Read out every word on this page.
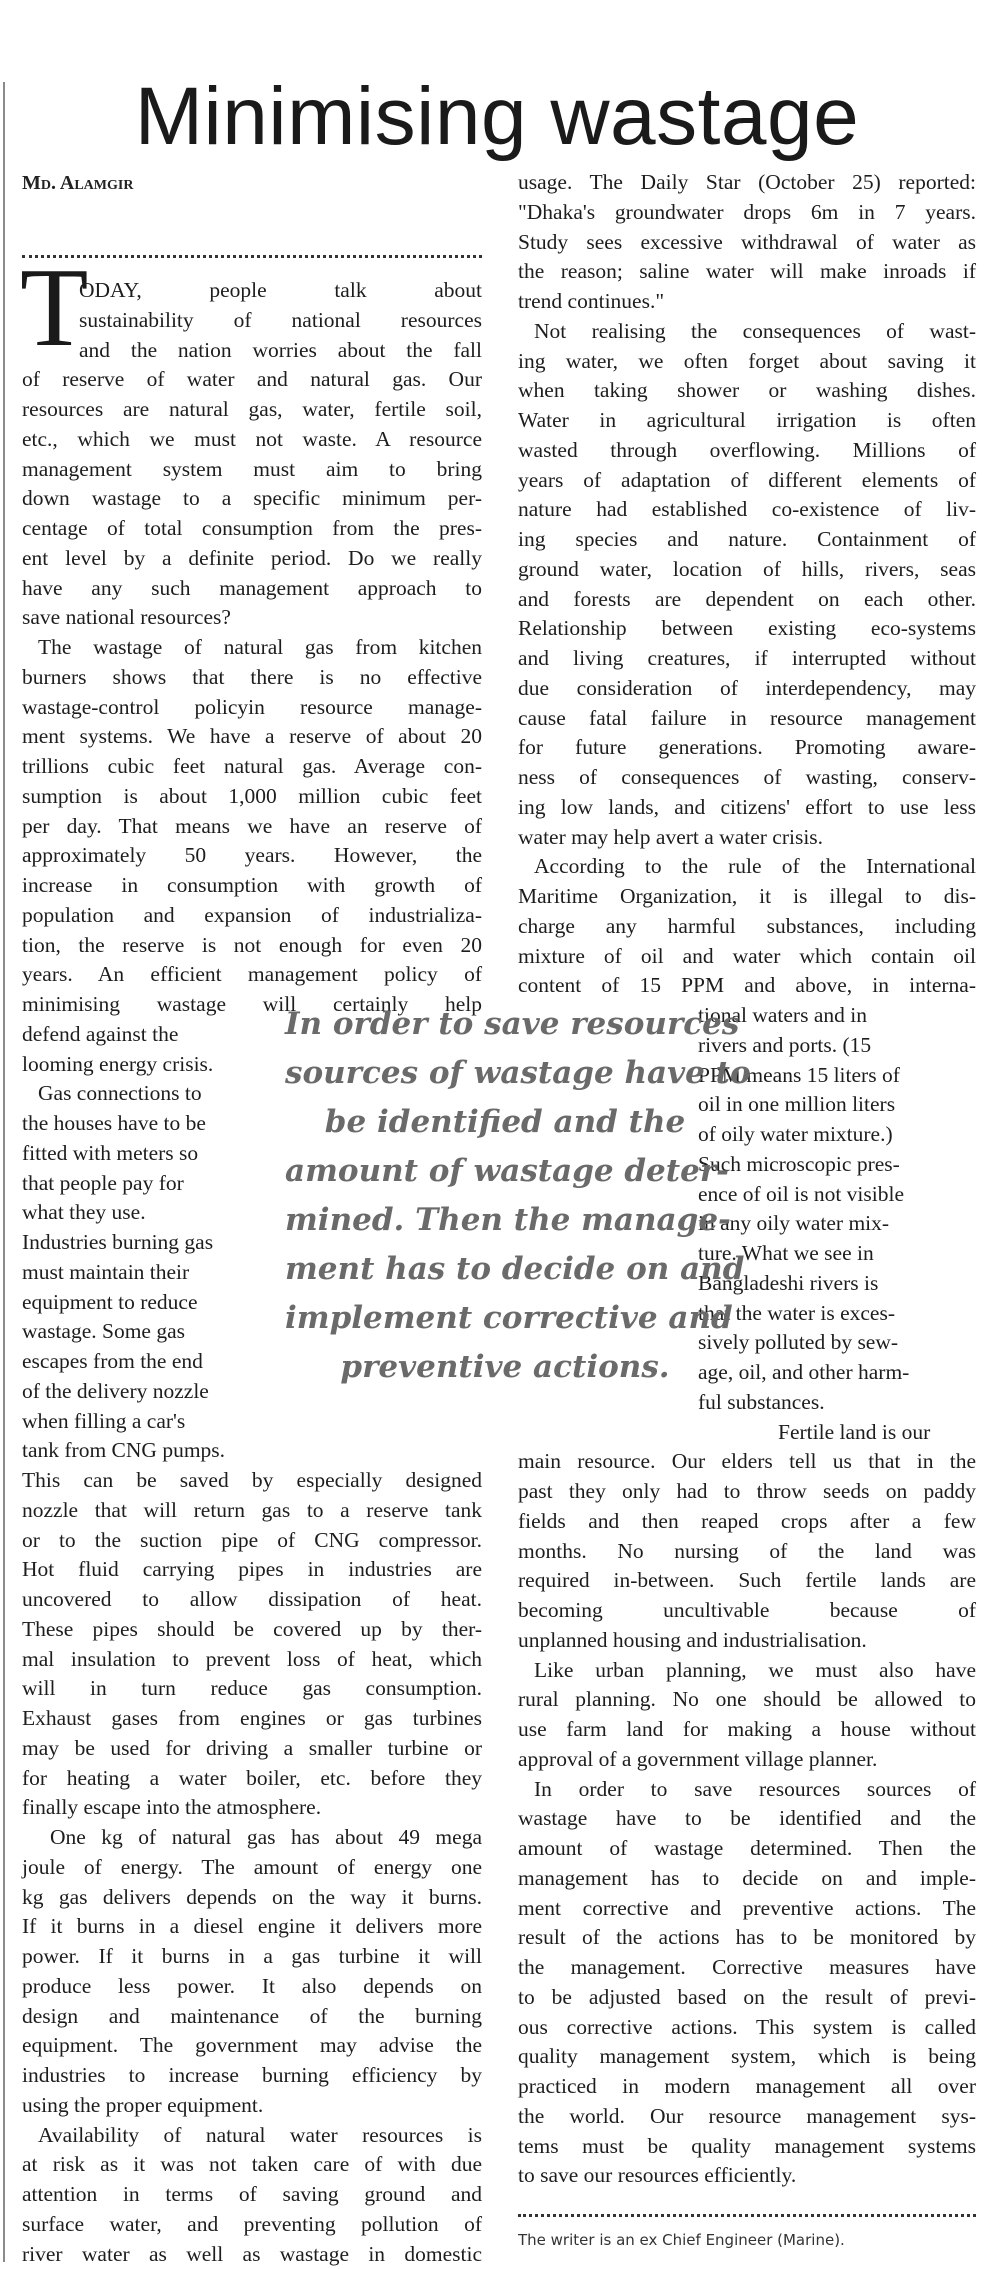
Minimising wastage
Md. Alamgir
T
ODAY, people talk about
sustainability of national resources
and the nation worries about the fall
of reserve of water and natural gas. Our
resources are natural gas, water, fertile soil,
etc., which we must not waste. A resource
management system must aim to bring
down wastage to a specific minimum per-
centage of total consumption from the pres-
ent level by a definite period. Do we really
have any such management approach to
save national resources?
The wastage of natural gas from kitchen
burners shows that there is no effective
wastage-control policyin resource manage-
ment systems. We have a reserve of about 20
trillions cubic feet natural gas. Average con-
sumption is about 1,000 million cubic feet
per day. That means we have an reserve of
approximately 50 years. However, the
increase in consumption with growth of
population and expansion of industrializa-
tion, the reserve is not enough for even 20
years. An efficient management policy of
minimising wastage will certainly help
defend against the
looming energy crisis.
Gas connections to
the houses have to be
fitted with meters so
that people pay for
what they use.
Industries burning gas
must maintain their
equipment to reduce
wastage. Some gas
escapes from the end
of the delivery nozzle
when filling a car's
tank from CNG pumps.
This can be saved by especially designed
nozzle that will return gas to a reserve tank
or to the suction pipe of CNG compressor.
Hot fluid carrying pipes in industries are
uncovered to allow dissipation of heat.
These pipes should be covered up by ther-
mal insulation to prevent loss of heat, which
will in turn reduce gas consumption.
Exhaust gases from engines or gas turbines
may be used for driving a smaller turbine or
for heating a water boiler, etc. before they
finally escape into the atmosphere.
One kg of natural gas has about 49 mega
joule of energy. The amount of energy one
kg gas delivers depends on the way it burns.
If it burns in a diesel engine it delivers more
power. If it burns in a gas turbine it will
produce less power. It also depends on
design and maintenance of the burning
equipment. The government may advise the
industries to increase burning efficiency by
using the proper equipment.
Availability of natural water resources is
at risk as it was not taken care of with due
attention in terms of saving ground and
surface water, and preventing pollution of
river water as well as wastage in domestic
usage. The Daily Star (October 25) reported:
"Dhaka's groundwater drops 6m in 7 years.
Study sees excessive withdrawal of water as
the reason; saline water will make inroads if
trend continues."
Not realising the consequences of wast-
ing water, we often forget about saving it
when taking shower or washing dishes.
Water in agricultural irrigation is often
wasted through overflowing. Millions of
years of adaptation of different elements of
nature had established co-existence of liv-
ing species and nature. Containment of
ground water, location of hills, rivers, seas
and forests are dependent on each other.
Relationship between existing eco-systems
and living creatures, if interrupted without
due consideration of interdependency, may
cause fatal failure in resource management
for future generations. Promoting aware-
ness of consequences of wasting, conserv-
ing low lands, and citizens' effort to use less
water may help avert a water crisis.
According to the rule of the International
Maritime Organization, it is illegal to dis-
charge any harmful substances, including
mixture of oil and water which contain oil
content of 15 PPM and above, in interna-
tional waters and in
rivers and ports. (15
PPM means 15 liters of
oil in one million liters
of oily water mixture.)
Such microscopic pres-
ence of oil is not visible
in any oily water mix-
ture. What we see in
Bangladeshi rivers is
that the water is exces-
sively polluted by sew-
age, oil, and other harm-
ful substances.
Fertile land is our
main resource. Our elders tell us that in the
past they only had to throw seeds on paddy
fields and then reaped crops after a few
months. No nursing of the land was
required in-between. Such fertile lands are
becoming uncultivable because of
unplanned housing and industrialisation.
Like urban planning, we must also have
rural planning. No one should be allowed to
use farm land for making a house without
approval of a government village planner.
In order to save resources sources of
wastage have to be identified and the
amount of wastage determined. Then the
management has to decide on and imple-
ment corrective and preventive actions. The
result of the actions has to be monitored by
the management. Corrective measures have
to be adjusted based on the result of previ-
ous corrective actions. This system is called
quality management system, which is being
practiced in modern management all over
the world. Our resource management sys-
tems must be quality management systems
to save our resources efficiently.
In order to save resources
sources of wastage have to
be identified and the
amount of wastage deter-
mined. Then the manage-
ment has to decide on and
implement corrective and
preventive actions.
The writer is an ex Chief Engineer (Marine).
